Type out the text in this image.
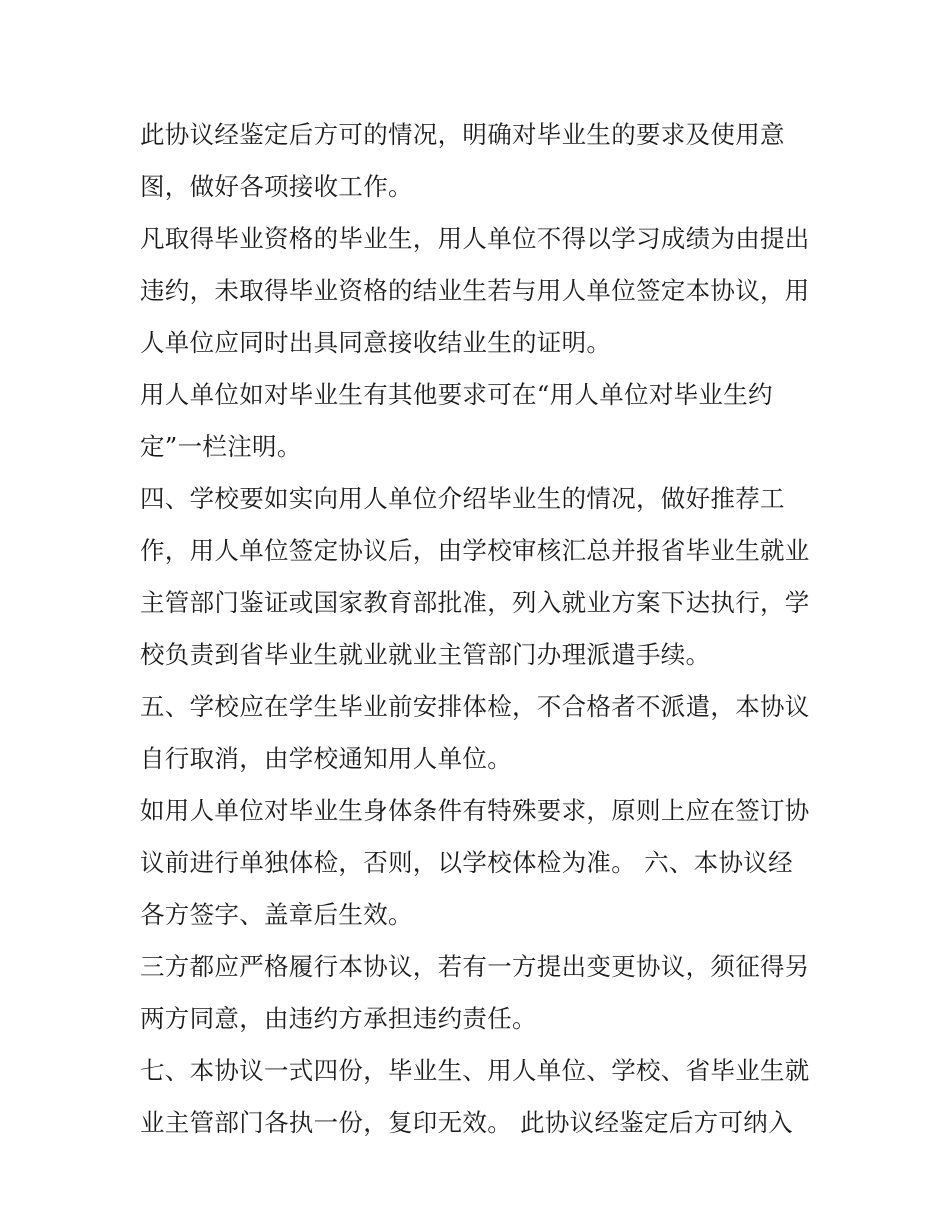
此协议经鉴定后方可的情况，明确对毕业生的要求及使用意
图，做好各项接收工作。
凡取得毕业资格的毕业生，用人单位不得以学习成绩为由提出
违约，未取得毕业资格的结业生若与用人单位签定本协议，用
人单位应同时出具同意接收结业生的证明。
用人单位如对毕业生有其他要求可在“用人单位对毕业生约
定”一栏注明。
四、学校要如实向用人单位介绍毕业生的情况，做好推荐工
作，用人单位签定协议后，由学校审核汇总并报省毕业生就业
主管部门鉴证或国家教育部批准，列入就业方案下达执行，学
校负责到省毕业生就业就业主管部门办理派遣手续。
五、学校应在学生毕业前安排体检，不合格者不派遣，本协议
自行取消，由学校通知用人单位。
如用人单位对毕业生身体条件有特殊要求，原则上应在签订协
议前进行单独体检，否则，以学校体检为准。 六、本协议经
各方签字、盖章后生效。
三方都应严格履行本协议，若有一方提出变更协议，须征得另
两方同意，由违约方承担违约责任。
七、本协议一式四份，毕业生、用人单位、学校、省毕业生就
业主管部门各执一份，复印无效。 此协议经鉴定后方可纳入
